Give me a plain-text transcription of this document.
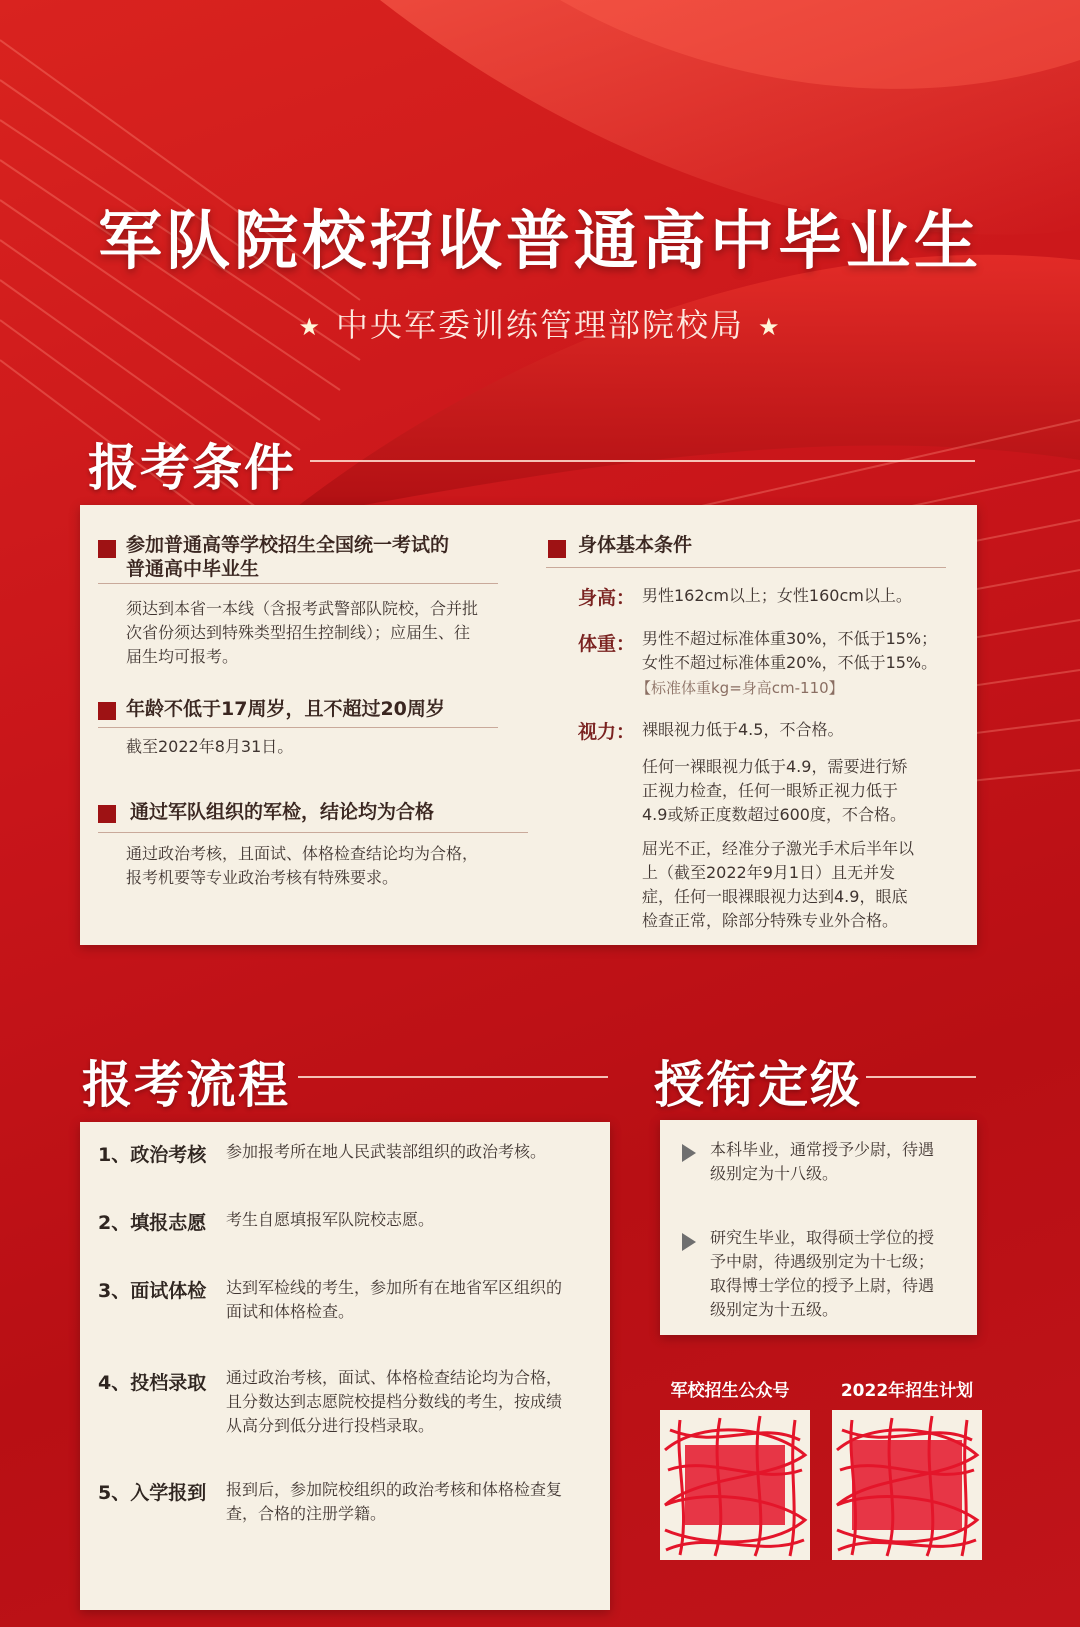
军队院校招收普通高中毕业生
★ 中央军委训练管理部院校局 ★
报考条件
参加普通高等学校招生全国统一考试的
普通高中毕业生
须达到本省一本线（含报考武警部队院校，合并批
次省份须达到特殊类型招生控制线）；应届生、往
届生均可报考。
年龄不低于17周岁，且不超过20周岁
截至2022年8月31日。
通过军队组织的军检，结论均为合格
通过政治考核，且面试、体格检查结论均为合格，
报考机要等专业政治考核有特殊要求。
身体基本条件
身高： 男性162cm以上；女性160cm以上。
体重： 男性不超过标准体重30%，不低于15%；
女性不超过标准体重20%，不低于15%。
【标准体重kg=身高cm-110】
视力： 裸眼视力低于4.5，不合格。
任何一裸眼视力低于4.9，需要进行矫
正视力检查，任何一眼矫正视力低于
4.9或矫正度数超过600度，不合格。
屈光不正，经准分子激光手术后半年以
上（截至2022年9月1日）且无并发
症，任何一眼裸眼视力达到4.9，眼底
检查正常，除部分特殊专业外合格。
报考流程
1、政治考核 参加报考所在地人民武装部组织的政治考核。
2、填报志愿 考生自愿填报军队院校志愿。
3、面试体检 达到军检线的考生，参加所有在地省军区组织的
面试和体格检查。
4、投档录取 通过政治考核，面试、体格检查结论均为合格，
且分数达到志愿院校提档分数线的考生，按成绩
从高分到低分进行投档录取。
5、入学报到 报到后，参加院校组织的政治考核和体格检查复
查，合格的注册学籍。
授衔定级
本科毕业，通常授予少尉，待遇
级别定为十八级。
研究生毕业，取得硕士学位的授
予中尉，待遇级别定为十七级；
取得博士学位的授予上尉，待遇
级别定为十五级。
军校招生公众号	2022年招生计划
